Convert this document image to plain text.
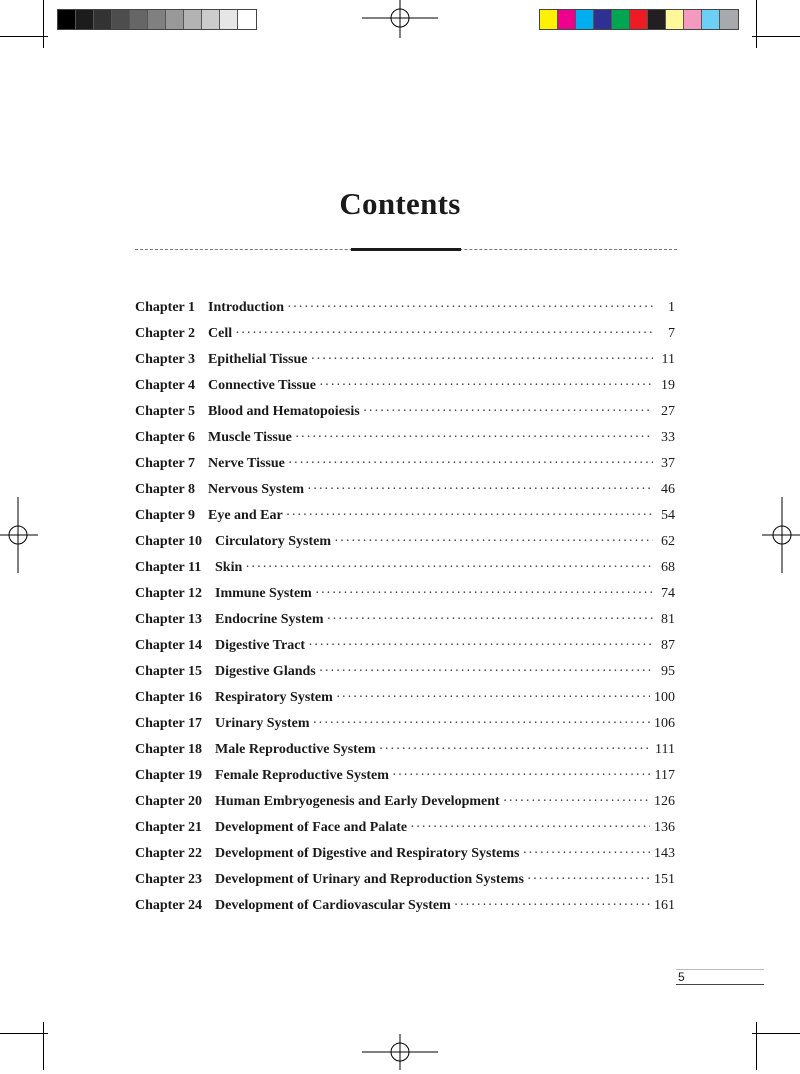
Contents
Chapter 1 Introduction ·····	1
Chapter 2 Cell ·····	7
Chapter 3 Epithelial Tissue ·····	11
Chapter 4 Connective Tissue ·····	19
Chapter 5 Blood and Hematopoiesis ·····	27
Chapter 6 Muscle Tissue ·····	33
Chapter 7 Nerve Tissue ·····	37
Chapter 8 Nervous System ·····	46
Chapter 9 Eye and Ear ·····	54
Chapter 10 Circulatory System ·····	62
Chapter 11 Skin ·····	68
Chapter 12 Immune System ·····	74
Chapter 13 Endocrine System ·····	81
Chapter 14 Digestive Tract ·····	87
Chapter 15 Digestive Glands ·····	95
Chapter 16 Respiratory System ·····	100
Chapter 17 Urinary System ·····	106
Chapter 18 Male Reproductive System ·····	111
Chapter 19 Female Reproductive System ·····	117
Chapter 20 Human Embryogenesis and Early Development ·····	126
Chapter 21 Development of Face and Palate ·····	136
Chapter 22 Development of Digestive and Respiratory Systems ·····	143
Chapter 23 Development of Urinary and Reproduction Systems ·····	151
Chapter 24 Development of Cardiovascular System ·····	161
5
